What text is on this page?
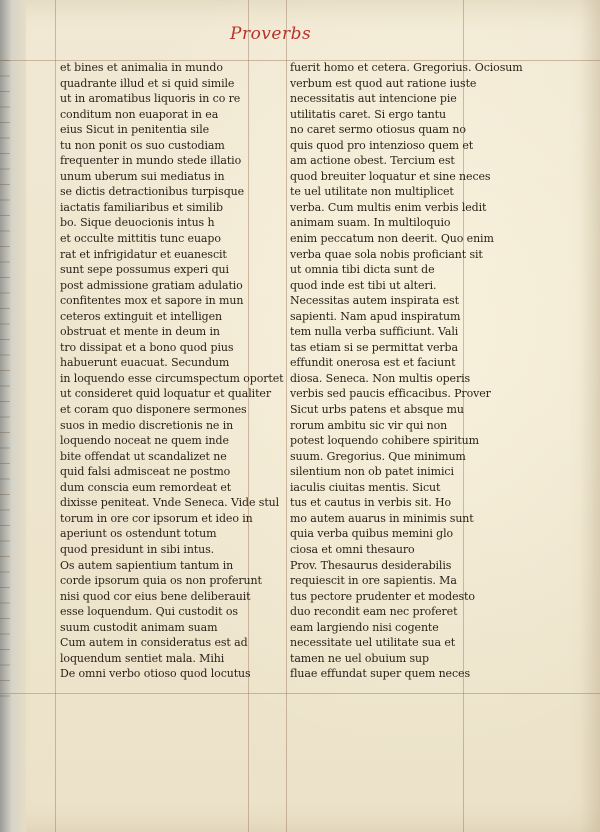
Proverbs
et bines et animalia in mundo
quadrante illud et si quid simile
ut in aromatibus liquoris in co re
conditum non euaporat in ea
eius Sicut in penitentia sile
tu non ponit os suo custodiam
frequenter in mundo stede illatio
unum uberum sui mediatus in
se dictis detractionibus turpisque
iactatis familiaribus et similib
bo. Sique deuocionis intus h
et occulte mittitis tunc euapo
rat et infrigidatur et euanescit
sunt sepe possumus experi qui
post admissione gratiam adulatio
confitentes mox et sapore in mun
ceteros extinguit et intelligen
obstruat et mente in deum in
tro dissipat et a bono quod pius
habuerunt euacuat. Secundum
in loquendo esse circumspectum oportet
ut consideret quid loquatur et qualiter
et coram quo disponere sermones
suos in medio discretionis ne in
loquendo noceat ne quem inde
bite offendat ut scandalizet ne
quid falsi admisceat ne postmo
dum conscia eum remordeat et
dixisse peniteat. Vnde Seneca. Vide stul
torum in ore cor ipsorum et ideo in
aperiunt os ostendunt totum
quod presidunt in sibi intus.
Os autem sapientium tantum in
corde ipsorum quia os non proferunt
nisi quod cor eius bene deliberauit
esse loquendum. Qui custodit os
suum custodit animam suam
Cum autem in consideratus est ad
loquendum sentiet mala. Mihi
De omni verbo otioso quod locutus
fuerit homo et cetera. Gregorius. Ociosum
verbum est quod aut ratione iuste
necessitatis aut intencione pie
utilitatis caret. Si ergo tantu
no caret sermo otiosus quam no
quis quod pro intenzioso quem et
am actione obest. Tercium est
quod breuiter loquatur et sine neces
te uel utilitate non multiplicet
verba. Cum multis enim verbis ledit
animam suam. In multiloquio
enim peccatum non deerit. Quo enim
verba quae sola nobis proficiant sit
ut omnia tibi dicta sunt de
quod inde est tibi ut alteri.
Necessitas autem inspirata est
sapienti. Nam apud inspiratum
tem nulla verba sufficiunt. Vali
tas etiam si se permittat verba
effundit onerosa est et faciunt
diosa. Seneca. Non multis operis
verbis sed paucis efficacibus. Prover
Sicut urbs patens et absque mu
rorum ambitu sic vir qui non
potest loquendo cohibere spiritum
suum. Gregorius. Que minimum
silentium non ob patet inimici
iaculis ciuitas mentis. Sicut
tus et cautus in verbis sit. Ho
mo autem auarus in minimis sunt
quia verba quibus memini glo
ciosa et omni thesauro
Prov. Thesaurus desiderabilis
requiescit in ore sapientis. Ma
tus pectore prudenter et modesto
duo recondit eam nec proferet
eam largiendo nisi cogente
necessitate uel utilitate sua et
tamen ne uel obuium sup
fluae effundat super quem neces
